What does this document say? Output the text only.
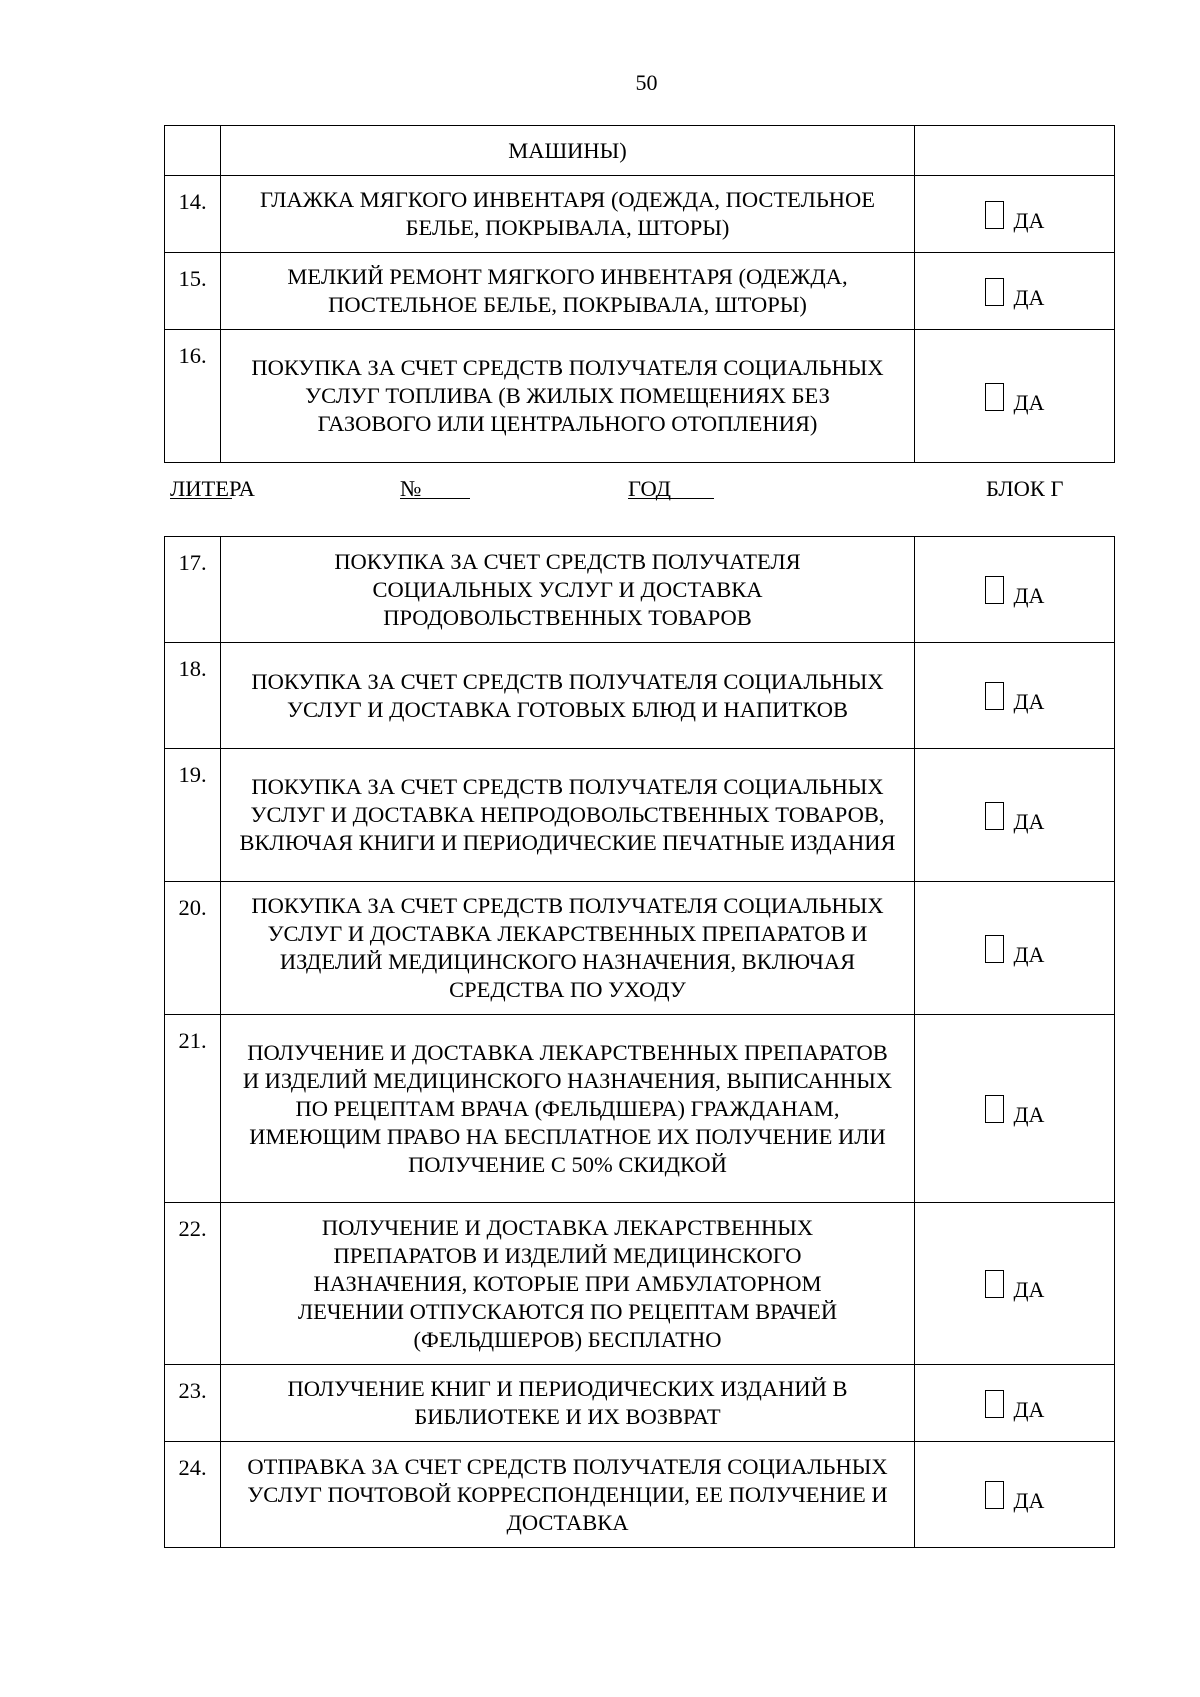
50
	МАШИНЫ)	
14.	ГЛАЖКА МЯГКОГО ИНВЕНТАРЯ (ОДЕЖДА, ПОСТЕЛЬНОЕ БЕЛЬЕ, ПОКРЫВАЛА, ШТОРЫ)	ДА

15.	МЕЛКИЙ РЕМОНТ МЯГКОГО ИНВЕНТАРЯ (ОДЕЖДА, ПОСТЕЛЬНОЕ БЕЛЬЕ, ПОКРЫВАЛА, ШТОРЫ)	ДА

16.	ПОКУПКА ЗА СЧЕТ СРЕДСТВ ПОЛУЧАТЕЛЯ СОЦИАЛЬНЫХ УСЛУГ ТОПЛИВА (В ЖИЛЫХ ПОМЕЩЕНИЯХ БЕЗ ГАЗОВОГО ИЛИ ЦЕНТРАЛЬНОГО ОТОПЛЕНИЯ)	ДА
ЛИТЕРА	№	ГОД	БЛОК Г
17.	ПОКУПКА ЗА СЧЕТ СРЕДСТВ ПОЛУЧАТЕЛЯ СОЦИАЛЬНЫХ УСЛУГ И ДОСТАВКА ПРОДОВОЛЬСТВЕННЫХ ТОВАРОВ	ДА

18.	ПОКУПКА ЗА СЧЕТ СРЕДСТВ ПОЛУЧАТЕЛЯ СОЦИАЛЬНЫХ УСЛУГ И ДОСТАВКА ГОТОВЫХ БЛЮД И НАПИТКОВ	ДА

19.	ПОКУПКА ЗА СЧЕТ СРЕДСТВ ПОЛУЧАТЕЛЯ СОЦИАЛЬНЫХ УСЛУГ И ДОСТАВКА НЕПРОДОВОЛЬСТВЕННЫХ ТОВАРОВ, ВКЛЮЧАЯ КНИГИ И ПЕРИОДИЧЕСКИЕ ПЕЧАТНЫЕ ИЗДАНИЯ	ДА

20.	ПОКУПКА ЗА СЧЕТ СРЕДСТВ ПОЛУЧАТЕЛЯ СОЦИАЛЬНЫХ УСЛУГ И ДОСТАВКА ЛЕКАРСТВЕННЫХ ПРЕПАРАТОВ И ИЗДЕЛИЙ МЕДИЦИНСКОГО НАЗНАЧЕНИЯ, ВКЛЮЧАЯ СРЕДСТВА ПО УХОДУ	ДА

21.	ПОЛУЧЕНИЕ И ДОСТАВКА ЛЕКАРСТВЕННЫХ ПРЕПАРАТОВ И ИЗДЕЛИЙ МЕДИЦИНСКОГО НАЗНАЧЕНИЯ, ВЫПИСАННЫХ ПО РЕЦЕПТАМ ВРАЧА (ФЕЛЬДШЕРА) ГРАЖДАНАМ, ИМЕЮЩИМ ПРАВО НА БЕСПЛАТНОЕ ИХ ПОЛУЧЕНИЕ ИЛИ ПОЛУЧЕНИЕ С 50% СКИДКОЙ	ДА

22.	ПОЛУЧЕНИЕ И ДОСТАВКА ЛЕКАРСТВЕННЫХ ПРЕПАРАТОВ И ИЗДЕЛИЙ МЕДИЦИНСКОГО НАЗНАЧЕНИЯ, КОТОРЫЕ ПРИ АМБУЛАТОРНОМ ЛЕЧЕНИИ ОТПУСКАЮТСЯ ПО РЕЦЕПТАМ ВРАЧЕЙ (ФЕЛЬДШЕРОВ) БЕСПЛАТНО	ДА

23.	ПОЛУЧЕНИЕ КНИГ И ПЕРИОДИЧЕСКИХ ИЗДАНИЙ В БИБЛИОТЕКЕ И ИХ ВОЗВРАТ	ДА

24.	ОТПРАВКА ЗА СЧЕТ СРЕДСТВ ПОЛУЧАТЕЛЯ СОЦИАЛЬНЫХ УСЛУГ ПОЧТОВОЙ КОРРЕСПОНДЕНЦИИ, ЕЕ ПОЛУЧЕНИЕ И ДОСТАВКА	ДА
